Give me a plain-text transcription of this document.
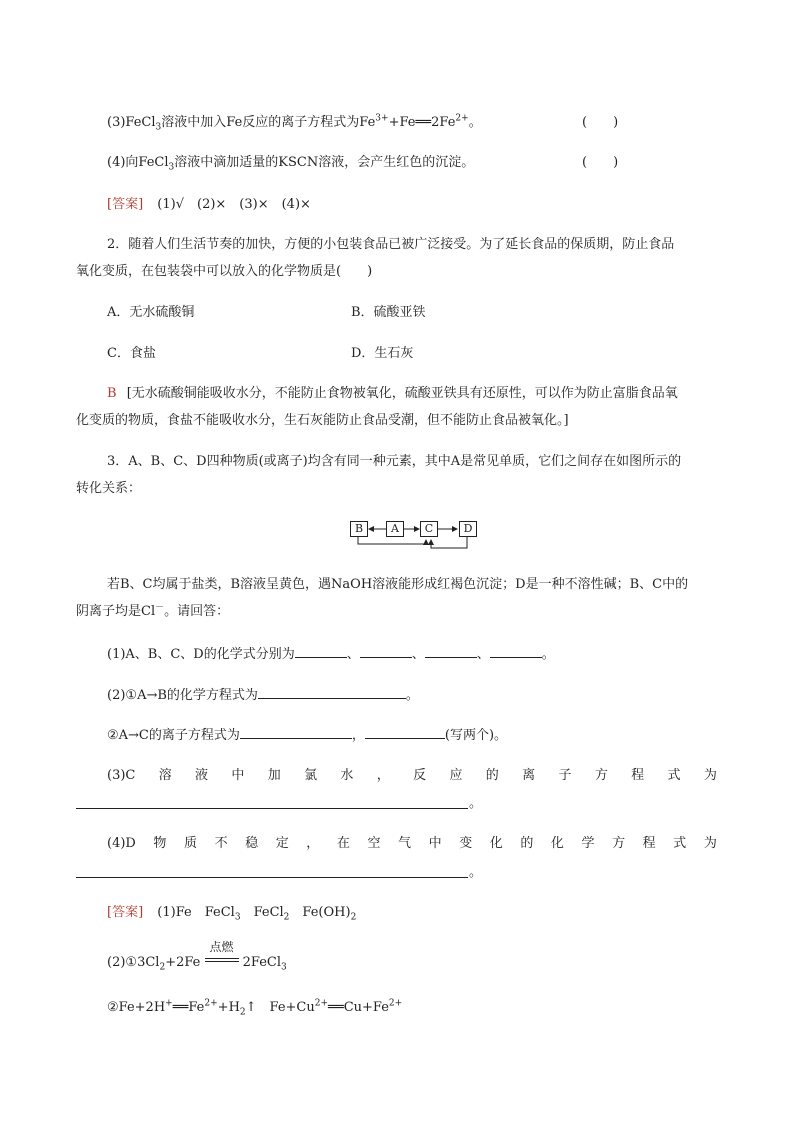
(3)FeCl$_3$溶液中加入Fe反应的离子方程式为$Fe^{3+}+Fe══2Fe^{2+}$。	(　　)
(4)向FeCl$_3$溶液中滴加适量的KSCN溶液，会产生红色的沉淀。	(　　)
[答案] (1)√　(2)×　(3)×　(4)×
2．随着人们生活节奏的加快，方便的小包装食品已被广泛接受。为了延长食品的保质期，防止食品
氧化变质，在包装袋中可以放入的化学物质是(　　)
A．无水硫酸铜	B．硫酸亚铁
C．食盐	D．生石灰
B [无水硫酸铜能吸收水分，不能防止食物被氧化，硫酸亚铁具有还原性，可以作为防止富脂食品氧
化变质的物质，食盐不能吸收水分，生石灰能防止食品受潮，但不能防止食品被氧化。]
3．A、B、C、D四种物质(或离子)均含有同一种元素，其中A是常见单质，它们之间存在如图所示的
转化关系：
B	A	C	D
若B、C均属于盐类，B溶液呈黄色，遇NaOH溶液能形成红褐色沉淀；D是一种不溶性碱；B、C中的
阴离子均是Cl－。请回答：
(1)A、B、C、D的化学式分别为	、	、	、	。
(2)①A→B的化学方程式为	。
②A→C的离子方程式为	，	(写两个)。
(3)C 溶 液 中 加 氯 水 ， 反 应 的 离 子 方 程 式 为
。
(4)D 物 质 不 稳 定 ， 在 空 气 中 变 化 的 化 学 方 程 式 为
。
[答案] (1)Fe　FeCl$_3$　FeCl$_2$　$Fe(OH)_2$
$(2)①3Cl_2+2Fe$
点燃
2FeCl$_3$
$②Fe+2H^+══Fe^{2+}+H_2↑$　$Fe+Cu^{2+}══Cu+Fe^{2+}$
